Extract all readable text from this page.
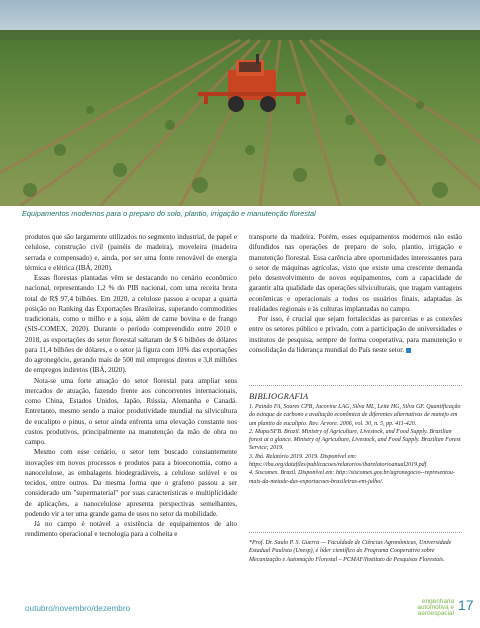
Equipamentos modernos para o preparo do solo, plantio, irrigação e manutenção florestal

produtos que são largamente utilizados no segmento industrial, de papel e celulose, construção civil (painéis de madeira), moveleira (madeira serrada e compensado) e, ainda, por ser uma fonte renovável de energia térmica e elétrica (IBÁ, 2020).

Essas florestas plantadas vêm se destacando no cenário econômico nacional, representando 1,2 % do PIB nacional, com uma receita bruta total de R$ 97,4 bilhões. Em 2020, a celulose passou a ocupar a quarta posição no Ranking das Exportações Brasileiras, superando commodities tradicionais, como o milho e a soja, além de carne bovina e de frango (SIS-COMEX, 2020). Durante o período compreendido entre 2010 e 2018, as exportações do setor florestal saltaram de $ 6 bilhões de dólares para 11,4 bilhões de dólares, e o setor já figura com 10% das exportações do agronegócio, gerando mais de 500 mil empregos diretos e 3,8 milhões de empregos indiretos (IBÁ, 2020).

Nota-se uma forte atuação do setor florestal para ampliar seus mercados de atuação, fazendo frente aos concorrentes internacionais, como China, Estados Unidos, Japão, Rússia, Alemanha e Canadá. Entretanto, mesmo sendo a maior produtividade mundial na silvicultura de eucalipto e pinus, o setor ainda enfrenta uma elevação constante nos custos produtivos, principalmente na manutenção da mão de obra no campo.

Mesmo com esse cenário, o setor tem buscado constantemente inovações em novos processos e produtos para a bioeconomia, como a nanocelulose, as embalagens biodegradáveis, a celulose solúvel e os tecidos, entre outros. Da mesma forma que o grafeno passou a ser considerado um "supermaterial" por suas características e multiplicidade de aplicações, a nanocelulose apresenta perspectivas semelhantes, podendo vir a ter uma grande gama de usos no setor da mobilidade.

Já no campo é notável a existência de equipamentos de alto rendimento operacional e tecnologia para a colheita e

transporte da madeira. Porém, esses equipamentos modernos não estão difundidos nas operações de preparo de solo, plantio, irrigação e manutenção florestal. Essa carência abre oportunidades interessantes para o setor de máquinas agrícolas, visto que existe uma crescente demanda pelo desenvolvimento de novos equipamentos, com a capacidade de garantir alta qualidade das operações silviculturais, que tragam vantagens econômicas e operacionais a todos os usuários finais, adaptadas às realidades regionais e às culturas implantadas no campo.

Por isso, é crucial que sejam fortalecidas as parcerias e as conexões entre os setores público e privado, com a participação de universidades e institutos de pesquisa, sempre de forma cooperativa, para manutenção e consolidação da liderança mundial do País neste setor.

BIBLIOGRAFIA
1. Painão FA, Soares CPB, Jacovine LAG, Silva ML, Leite HG, Silva GF. Quantificação do estoque de carbono e avaliação econômica de diferentes alternativas de manejo em um plantio de eucalipto. Rev. Árvore. 2006, vol. 30, n. 5, pp. 411-420.
2. Mapa/SFB. Brazil. Ministry of Agriculture, Livestock, and Food Supply. Brazilian forest at a glance. Ministry of Agriculture, Livestock, and Food Supply. Brazilian Forest Service; 2019.
3. Ibá. Relatório 2019. 2019. Disponível em: https://iba.org/datafiles/publicacoes/relatorios/ibarelatorioanual2019.pdf.
4. Siscomex. Brazil. Disponível em: http://siscomex.gov.br/agronegocio--representou-mais-da-metade-das-exportacoes-brasileiras-em-julho/.
*Prof. Dr. Saulo P. S. Guerra — Faculdade de Ciências Agronômicas, Universidade Estadual Paulista (Unesp), é líder científico do Programa Cooperativo sobre Mecanização e Automação Florestal – PCMAF/Instituto de Pesquisas Florestais.
outubro/novembro/dezembro
engenharia automotiva e aeroespacial
17
